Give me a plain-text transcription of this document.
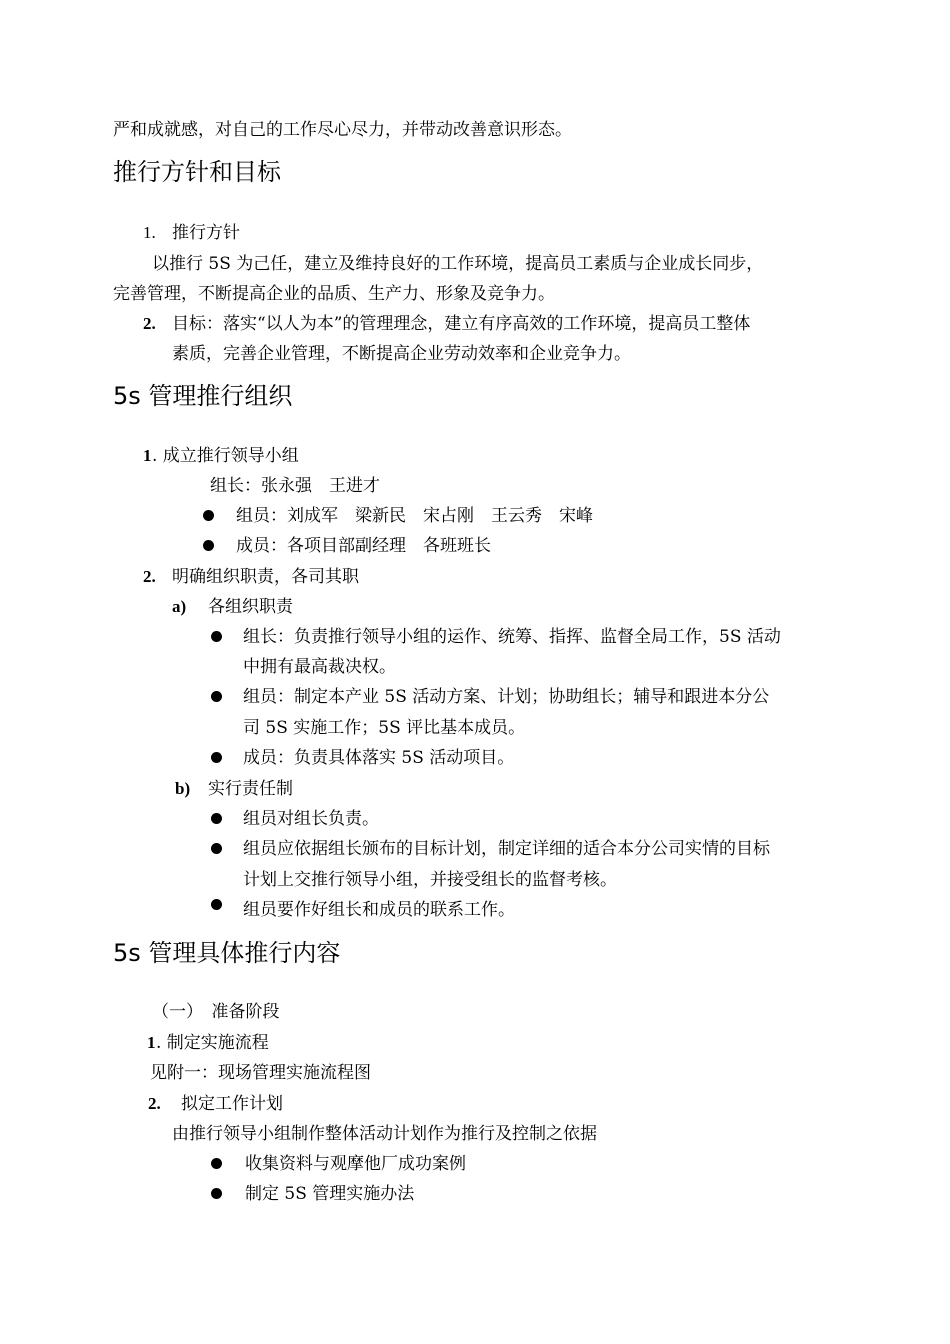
严和成就感，对自己的工作尽心尽力，并带动改善意识形态。
推行方针和目标
1. 推行方针
以推行 5S 为己任，建立及维持良好的工作环境，提高员工素质与企业成长同步，
完善管理，不断提高企业的品质、生产力、形象及竞争力。
2. 目标：落实“以人为本”的管理理念，建立有序高效的工作环境，提高员工整体
素质，完善企业管理，不断提高企业劳动效率和企业竞争力。
5s 管理推行组织
1 . 成立推行领导小组
组长：张永强　王进才
组员：刘成军　梁新民　宋占刚　王云秀　宋峰
成员：各项目部副经理　各班班长
2. 明确组织职责，各司其职
a) 各组织职责
组长：负责推行领导小组的运作、统筹、指挥、监督全局工作，5S 活动
中拥有最高裁决权。
组员：制定本产业 5S 活动方案、计划；协助组长；辅导和跟进本分公
司 5S 实施工作；5S 评比基本成员。
成员：负责具体落实 5S 活动项目。
b) 实行责任制
组员对组长负责。
组员应依据组长颁布的目标计划，制定详细的适合本分公司实情的目标
计划上交推行领导小组，并接受组长的监督考核。
组员要作好组长和成员的联系工作。
5s 管理具体推行内容
（一）　准备阶段
1 . 制定实施流程
见附一：现场管理实施流程图
2. 拟定工作计划
由推行领导小组制作整体活动计划作为推行及控制之依据
收集资料与观摩他厂成功案例
制定 5S 管理实施办法
